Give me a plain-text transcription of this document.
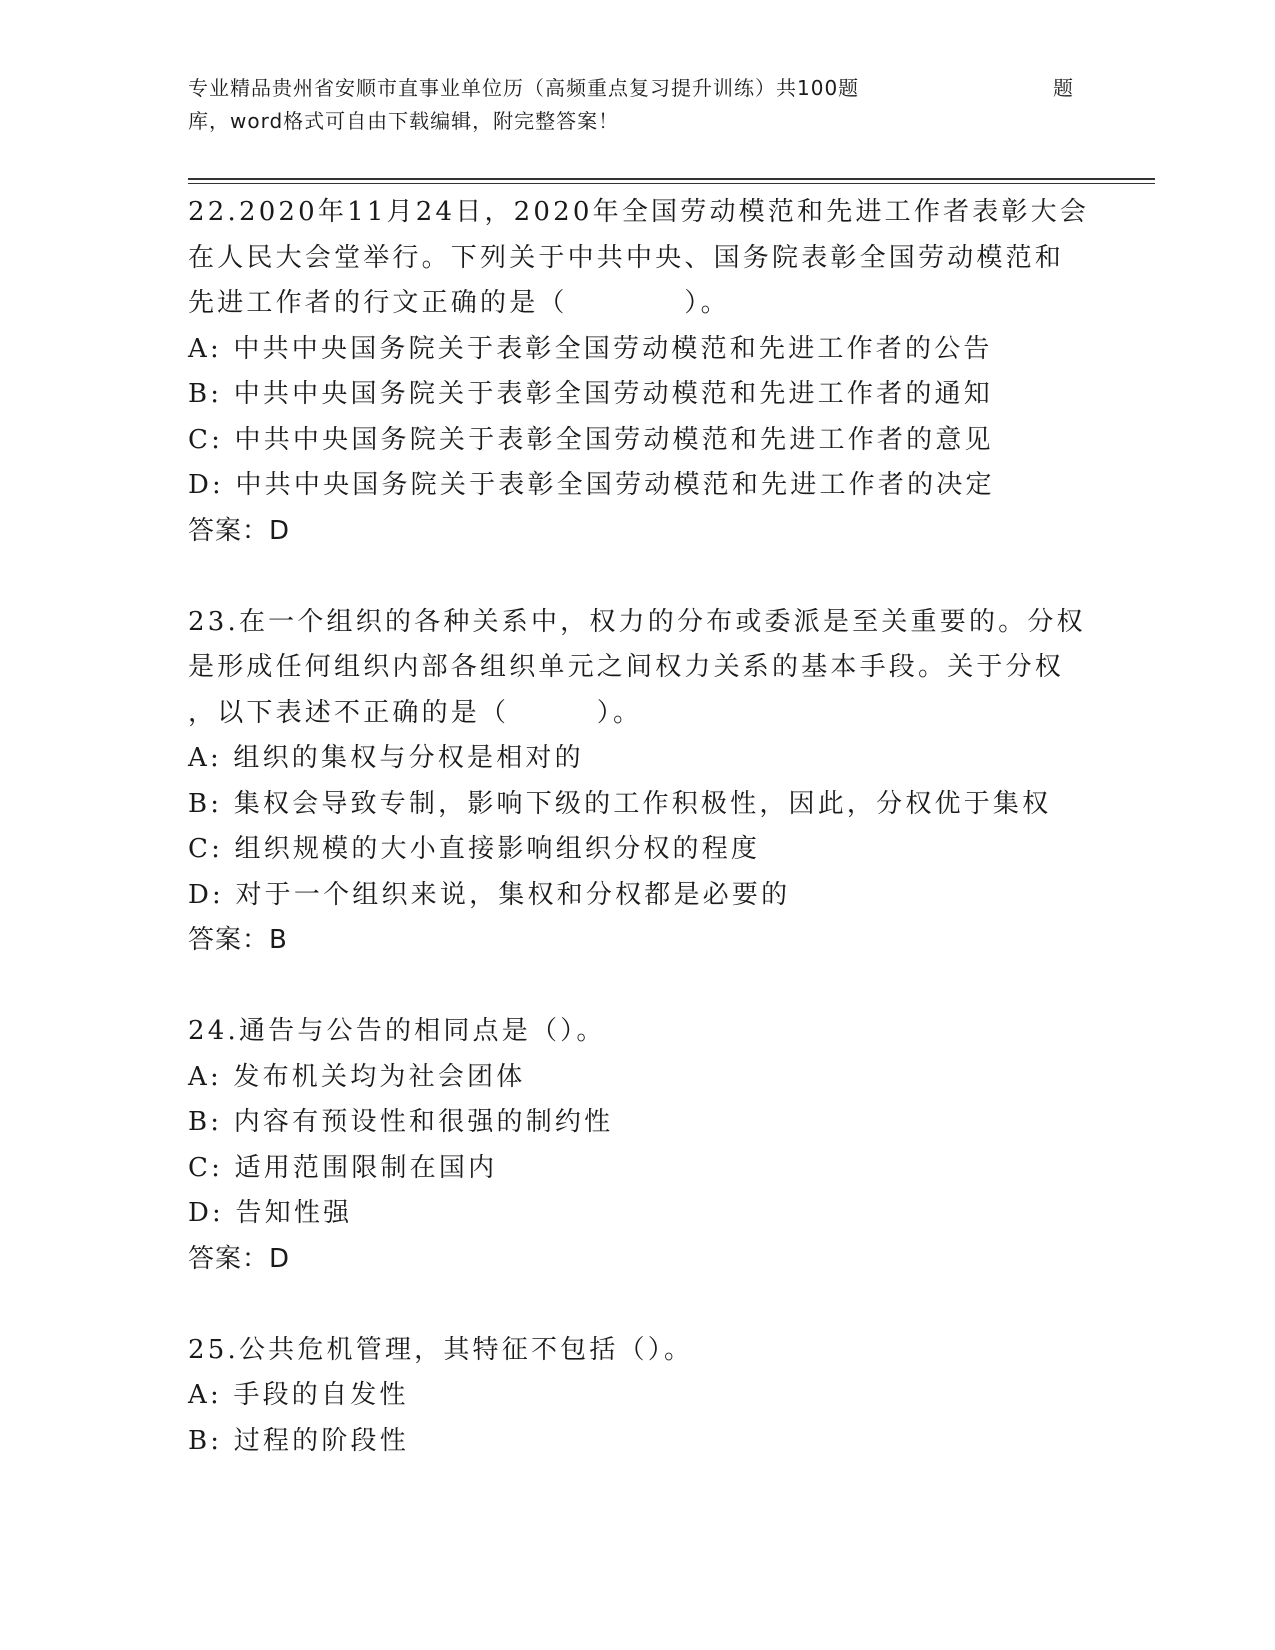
专业精品贵州省安顺市直事业单位历（高频重点复习提升训练）共100题	题
库，word格式可自由下载编辑，附完整答案！
22.2020年11月24日，2020年全国劳动模范和先进工作者表彰大会
在人民大会堂举行。下列关于中共中央、国务院表彰全国劳动模范和
先进工作者的行文正确的是（　　　　）。
A: 中共中央国务院关于表彰全国劳动模范和先进工作者的公告
B: 中共中央国务院关于表彰全国劳动模范和先进工作者的通知
C: 中共中央国务院关于表彰全国劳动模范和先进工作者的意见
D: 中共中央国务院关于表彰全国劳动模范和先进工作者的决定
答案：D
23.在一个组织的各种关系中，权力的分布或委派是至关重要的。分权
是形成任何组织内部各组织单元之间权力关系的基本手段。关于分权
，以下表述不正确的是（　　　）。
A: 组织的集权与分权是相对的
B: 集权会导致专制，影响下级的工作积极性，因此，分权优于集权
C: 组织规模的大小直接影响组织分权的程度
D: 对于一个组织来说，集权和分权都是必要的
答案：B
24.通告与公告的相同点是（）。
A: 发布机关均为社会团体
B: 内容有预设性和很强的制约性
C: 适用范围限制在国内
D: 告知性强
答案：D
25.公共危机管理，其特征不包括（）。
A: 手段的自发性
B: 过程的阶段性
